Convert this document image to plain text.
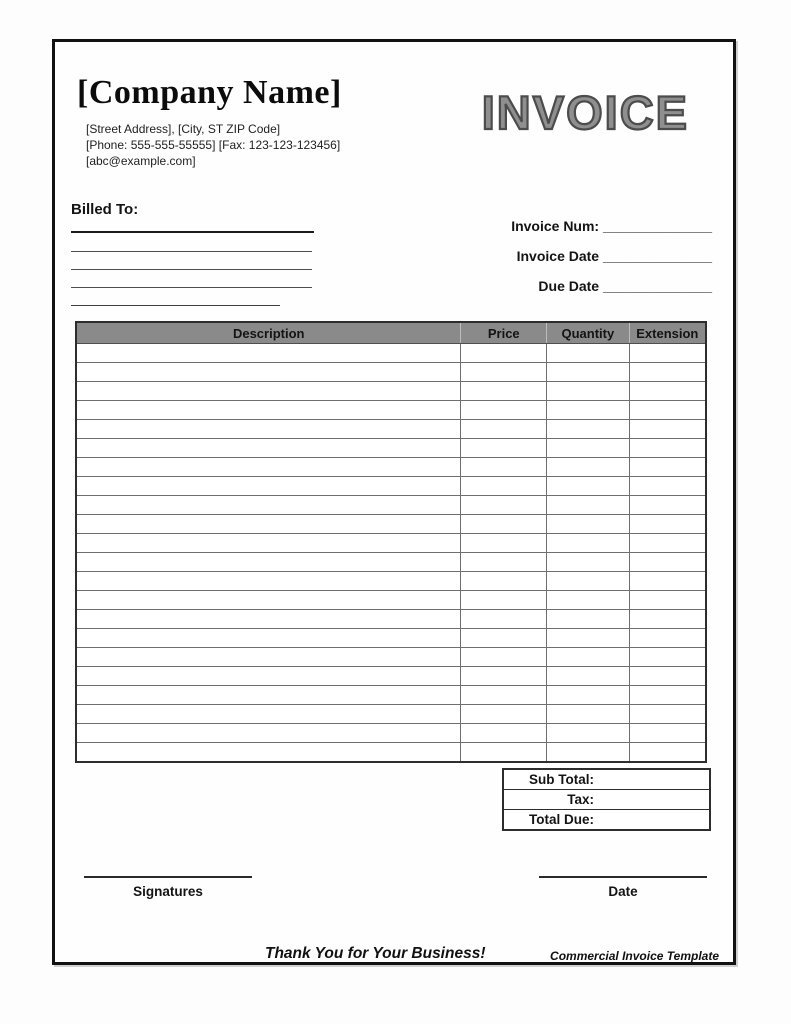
[Company Name]
[Street Address], [City, ST ZIP Code]
[Phone: 555-555-55555] [Fax: 123-123-123456]
[abc@example.com]
INVOICE
Billed To:
Invoice Num: ______________
Invoice Date ______________
Due Date ______________
Description	Price	Quantity	Extension

Sub Total:
Tax:
Total Due:
Signatures	Date
Thank You for Your Business!	Commercial Invoice Template
